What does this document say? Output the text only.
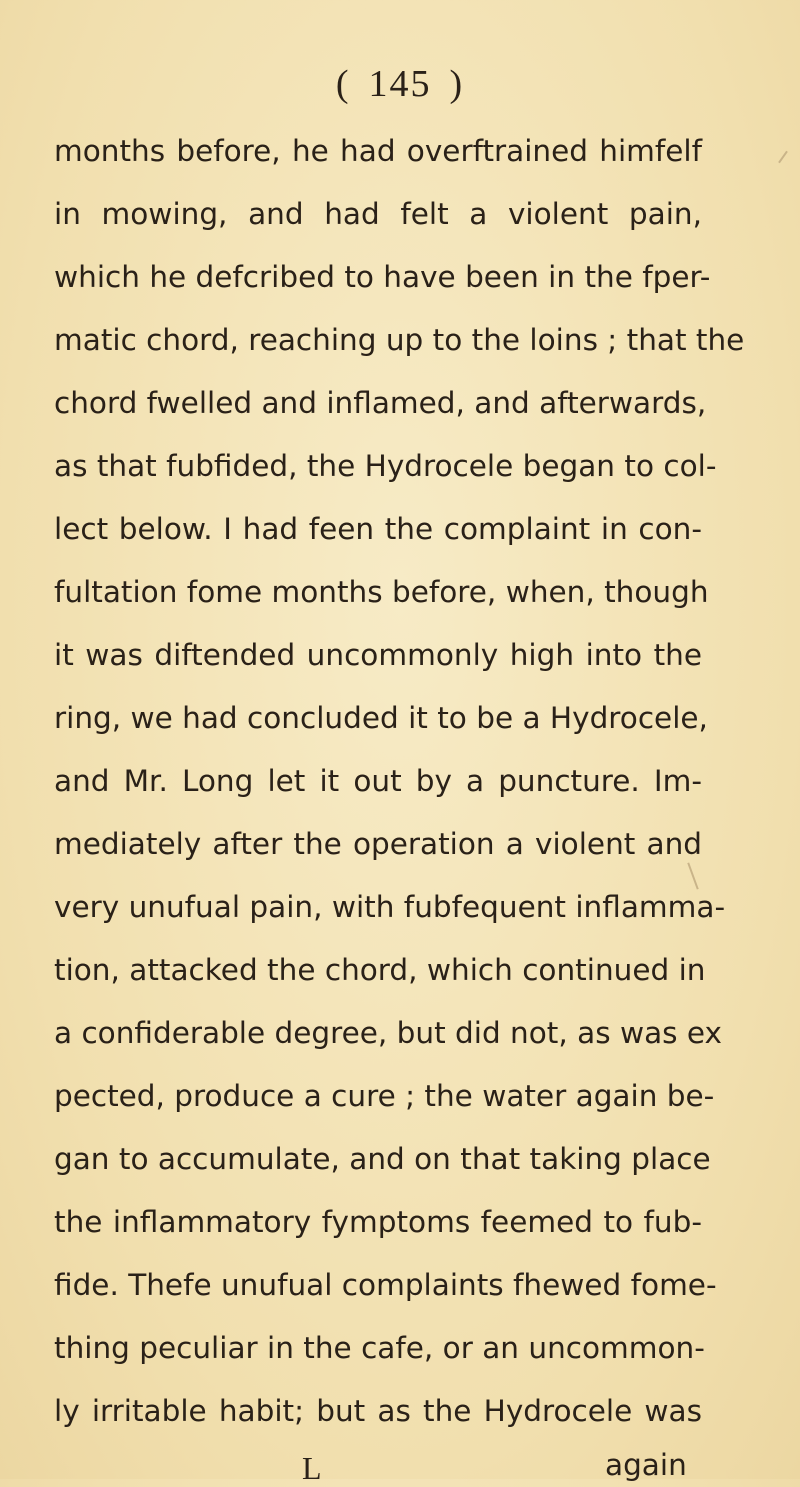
( 145 )
months before, he had overftrained himfelf
in mowing, and had felt a violent pain,
which he defcribed to have been in the fper-
matic chord, reaching up to the loins ; that the
chord fwelled and inflamed, and afterwards,
as that fubfided, the Hydrocele began to col-
lect below. I had feen the complaint in con-
fultation fome months before, when, though
it was diftended uncommonly high into the
ring, we had concluded it to be a Hydrocele,
and Mr. Long let it out by a puncture. Im-
mediately after the operation a violent and
very unufual pain, with fubfequent inflamma-
tion, attacked the chord, which continued in
a confiderable degree, but did not, as was ex
pected, produce a cure ; the water again be-
gan to accumulate, and on that taking place
the inflammatory fymptoms feemed to fub-
fide. Thefe unufual complaints fhewed fome-
thing peculiar in the cafe, or an uncommon-
ly irritable habit; but as the Hydrocele was
L	again
